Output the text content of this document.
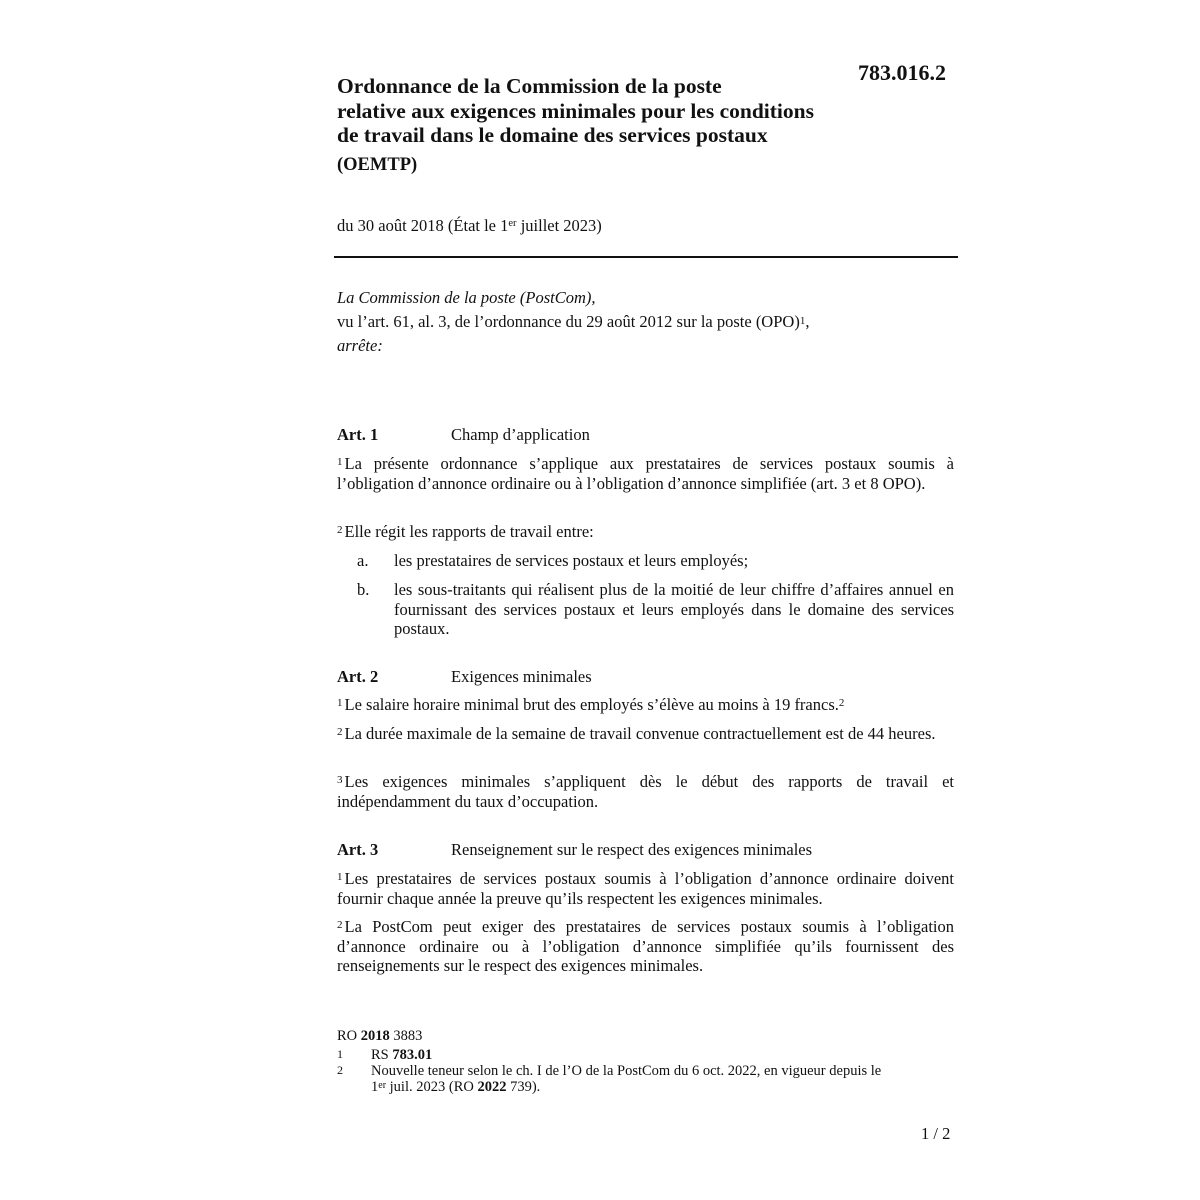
783.016.2
Ordonnance de la Commission de la poste
relative aux exigences minimales pour les conditions
de travail dans le domaine des services postaux
(OEMTP)
du 30 août 2018 (État le 1er juillet 2023)
La Commission de la poste (PostCom),
vu l’art. 61, al. 3, de l’ordonnance du 29 août 2012 sur la poste (OPO)$^1$,
arrête:
Art. 1	Champ d’application
$^1$ La présente ordonnance s’applique aux prestataires de services postaux soumis à l’obligation d’annonce ordinaire ou à l’obligation d’annonce simplifiée (art. 3 et 8 OPO).
$^2$ Elle régit les rapports de travail entre:
a. les prestataires de services postaux et leurs employés;
b. les sous-traitants qui réalisent plus de la moitié de leur chiffre d’affaires annuel en fournissant des services postaux et leurs employés dans le domaine des services postaux.
Art. 2	Exigences minimales
$^1$ Le salaire horaire minimal brut des employés s’élève au moins à 19 francs.$^2$
$^2$ La durée maximale de la semaine de travail convenue contractuellement est de 44 heures.
$^3$ Les exigences minimales s’appliquent dès le début des rapports de travail et indépendamment du taux d’occupation.
Art. 3	Renseignement sur le respect des exigences minimales
$^1$ Les prestataires de services postaux soumis à l’obligation d’annonce ordinaire doivent fournir chaque année la preuve qu’ils respectent les exigences minimales.
$^2$ La PostCom peut exiger des prestataires de services postaux soumis à l’obligation d’annonce ordinaire ou à l’obligation d’annonce simplifiée qu’ils fournissent des renseignements sur le respect des exigences minimales.
RO 2018 3883
1 RS 783.01
2 Nouvelle teneur selon le ch. I de l’O de la PostCom du 6 oct. 2022, en vigueur depuis le
1er juil. 2023 (RO 2022 739).
1 / 2
